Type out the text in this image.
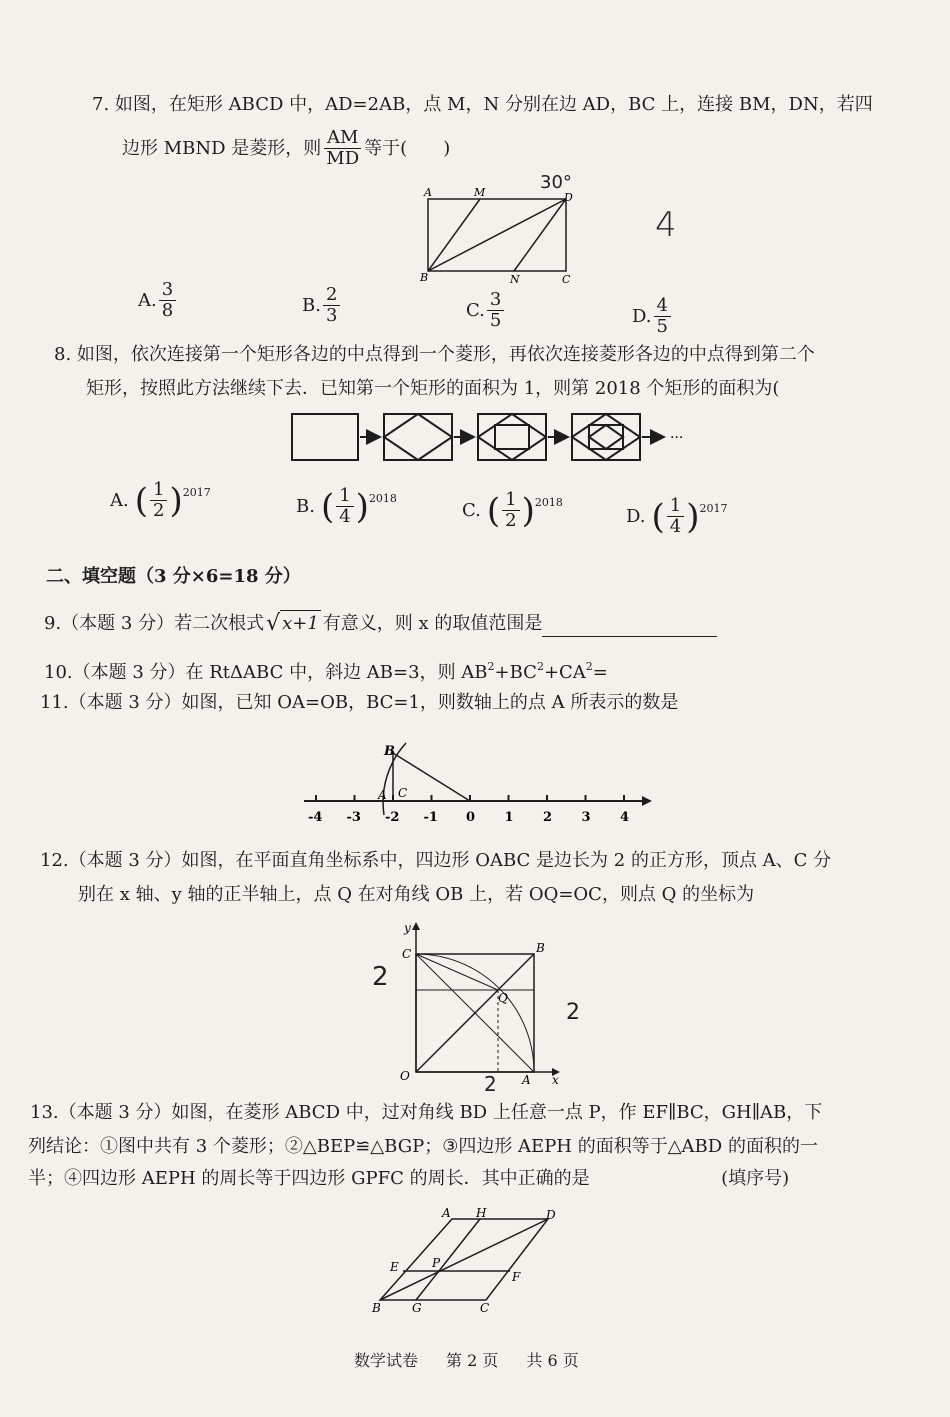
7. 如图，在矩形 ABCD 中，AD=2AB，点 M，N 分别在边 AD，BC 上，连接 BM，DN，若四
边形 MBND 是菱形，则 $\frac{AM}{MD}$ 等于(　　)
A	M	D
B	N	C
30°
4
A. $\frac{3}{8}$	B. $\frac{2}{3}$	C. $\frac{3}{5}$	D. $\frac{4}{5}$
8. 如图，依次连接第一个矩形各边的中点得到一个菱形，再依次连接菱形各边的中点得到第二个
矩形，按照此方法继续下去．已知第一个矩形的面积为 1，则第 2018 个矩形的面积为(
···
A. ( $\frac{1}{2}$ ) 2017
B. ( $\frac{1}{4}$ ) 2018
C. ( $\frac{1}{2}$ ) 2018
D. ( $\frac{1}{4}$ ) 2017
二、填空题（3 分×6=18 分）
9.（本题 3 分）若二次根式 √ x+1 有意义，则 x 的取值范围是
10.（本题 3 分）在 RtΔABC 中，斜边 AB=3，则 $AB^2+BC^2+CA^2=$
11.（本题 3 分）如图，已知 OA=OB，BC=1，则数轴上的点 A 所表示的数是
-4 -3 -2 -1 0 1 2 3 4
B
A C
12.（本题 3 分）如图，在平面直角坐标系中，四边形 OABC 是边长为 2 的正方形，顶点 A、C 分
别在 x 轴、y 轴的正半轴上，点 Q 在对角线 OB 上，若 OQ=OC，则点 Q 的坐标为
y
C	B
Q
O	A x
2
2
2
13.（本题 3 分）如图，在菱形 ABCD 中，过对角线 BD 上任意一点 P，作 EF∥BC，GH∥AB，下
列结论：①图中共有 3 个菱形；②△BEP≌△BGP；③四边形 AEPH 的面积等于△ABD 的面积的一
半；④四边形 AEPH 的周长等于四边形 GPFC 的周长．其中正确的是	(填序号)
A H	D
E	P
F
B	G	C
数学试卷 第 2 页 共 6 页
